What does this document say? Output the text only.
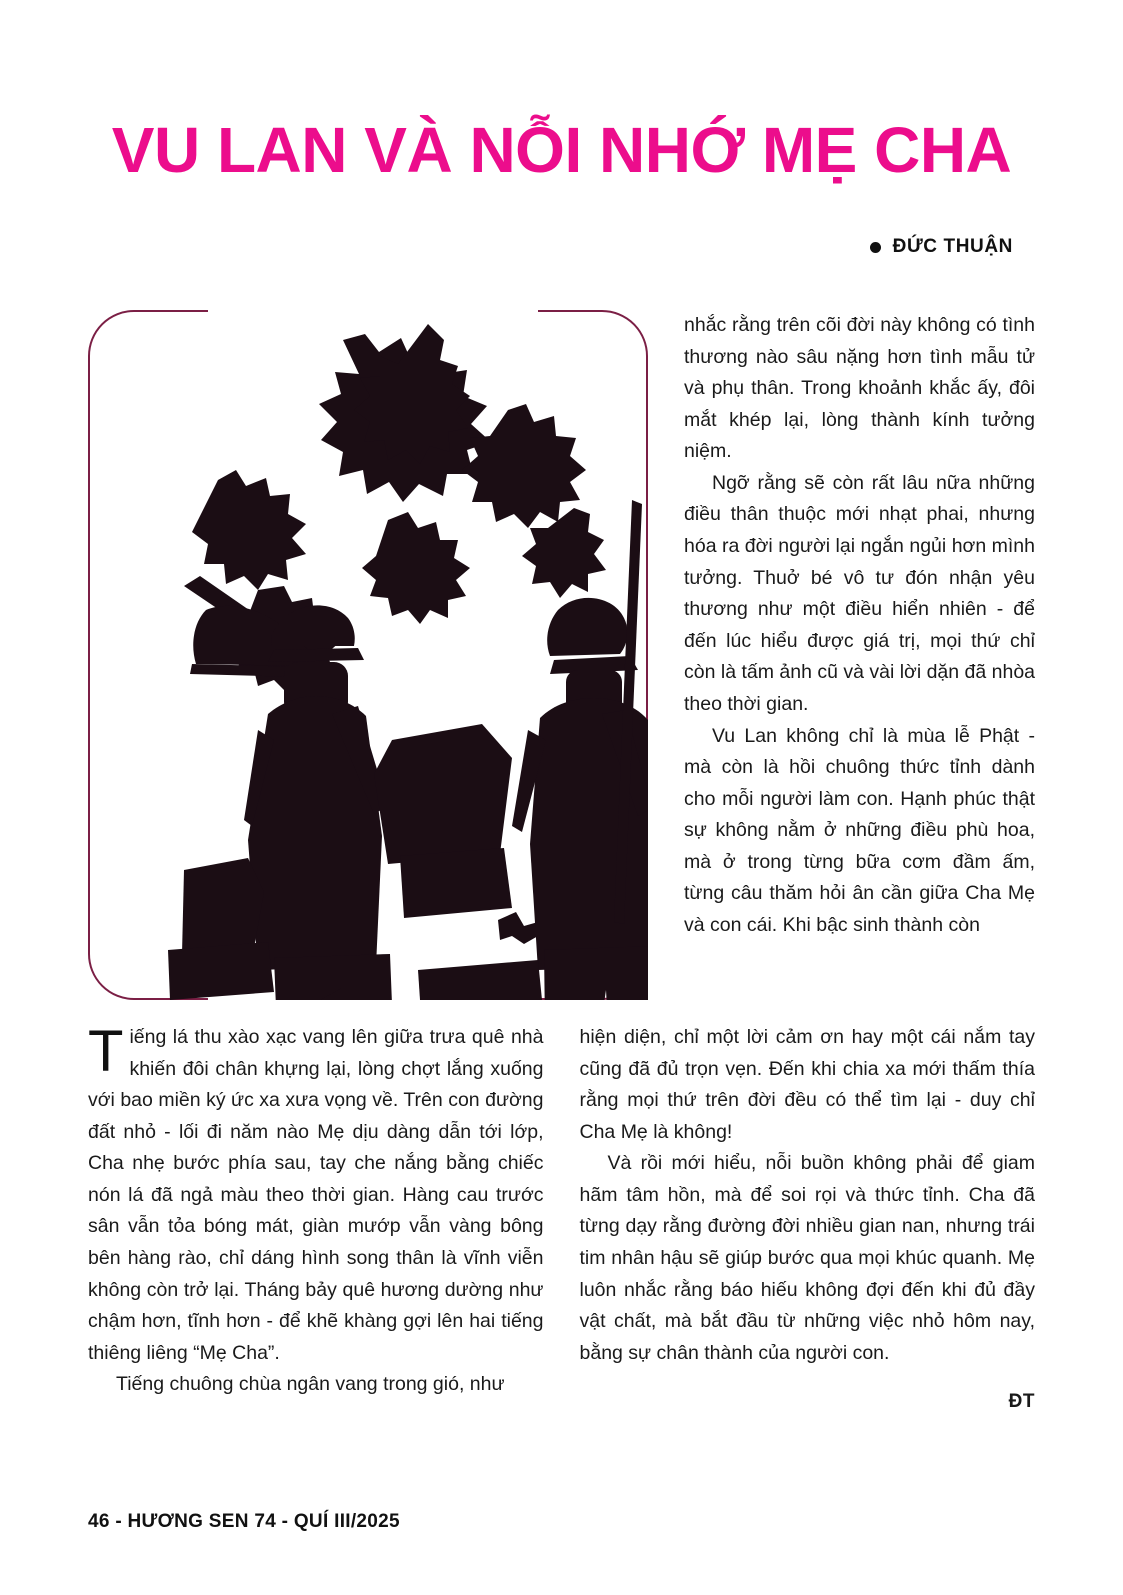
VU LAN VÀ NỖI NHỚ MẸ CHA
ĐỨC THUẬN

nhắc rằng trên cõi đời này không có tình thương nào sâu nặng hơn tình mẫu tử và phụ thân. Trong khoảnh khắc ấy, đôi mắt khép lại, lòng thành kính tưởng niệm.

Ngỡ rằng sẽ còn rất lâu nữa những điều thân thuộc mới nhạt phai, nhưng hóa ra đời người lại ngắn ngủi hơn mình tưởng. Thuở bé vô tư đón nhận yêu thương như một điều hiển nhiên - để đến lúc hiểu được giá trị, mọi thứ chỉ còn là tấm ảnh cũ và vài lời dặn đã nhòa theo thời gian.

Vu Lan không chỉ là mùa lễ Phật - mà còn là hồi chuông thức tỉnh dành cho mỗi người làm con. Hạnh phúc thật sự không nằm ở những điều phù hoa, mà ở trong từng bữa cơm đầm ấm, từng câu thăm hỏi ân cần giữa Cha Mẹ và con cái. Khi bậc sinh thành còn

Tiếng lá thu xào xạc vang lên giữa trưa quê nhà khiến đôi chân khựng lại, lòng chợt lắng xuống với bao miền ký ức xa xưa vọng về. Trên con đường đất nhỏ - lối đi năm nào Mẹ dịu dàng dẫn tới lớp, Cha nhẹ bước phía sau, tay che nắng bằng chiếc nón lá đã ngả màu theo thời gian. Hàng cau trước sân vẫn tỏa bóng mát, giàn mướp vẫn vàng bông bên hàng rào, chỉ dáng hình song thân là vĩnh viễn không còn trở lại. Tháng bảy quê hương dường như chậm hơn, tĩnh hơn - để khẽ khàng gợi lên hai tiếng thiêng liêng “Mẹ Cha”.

Tiếng chuông chùa ngân vang trong gió, như

hiện diện, chỉ một lời cảm ơn hay một cái nắm tay cũng đã đủ trọn vẹn. Đến khi chia xa mới thấm thía rằng mọi thứ trên đời đều có thể tìm lại - duy chỉ Cha Mẹ là không!

Và rồi mới hiểu, nỗi buồn không phải để giam hãm tâm hồn, mà để soi rọi và thức tỉnh. Cha đã từng dạy rằng đường đời nhiều gian nan, nhưng trái tim nhân hậu sẽ giúp bước qua mọi khúc quanh. Mẹ luôn nhắc rằng báo hiếu không đợi đến khi đủ đầy vật chất, mà bắt đầu từ những việc nhỏ hôm nay, bằng sự chân thành của người con.

ĐT
46 - HƯƠNG SEN 74 - QUÍ III/2025
